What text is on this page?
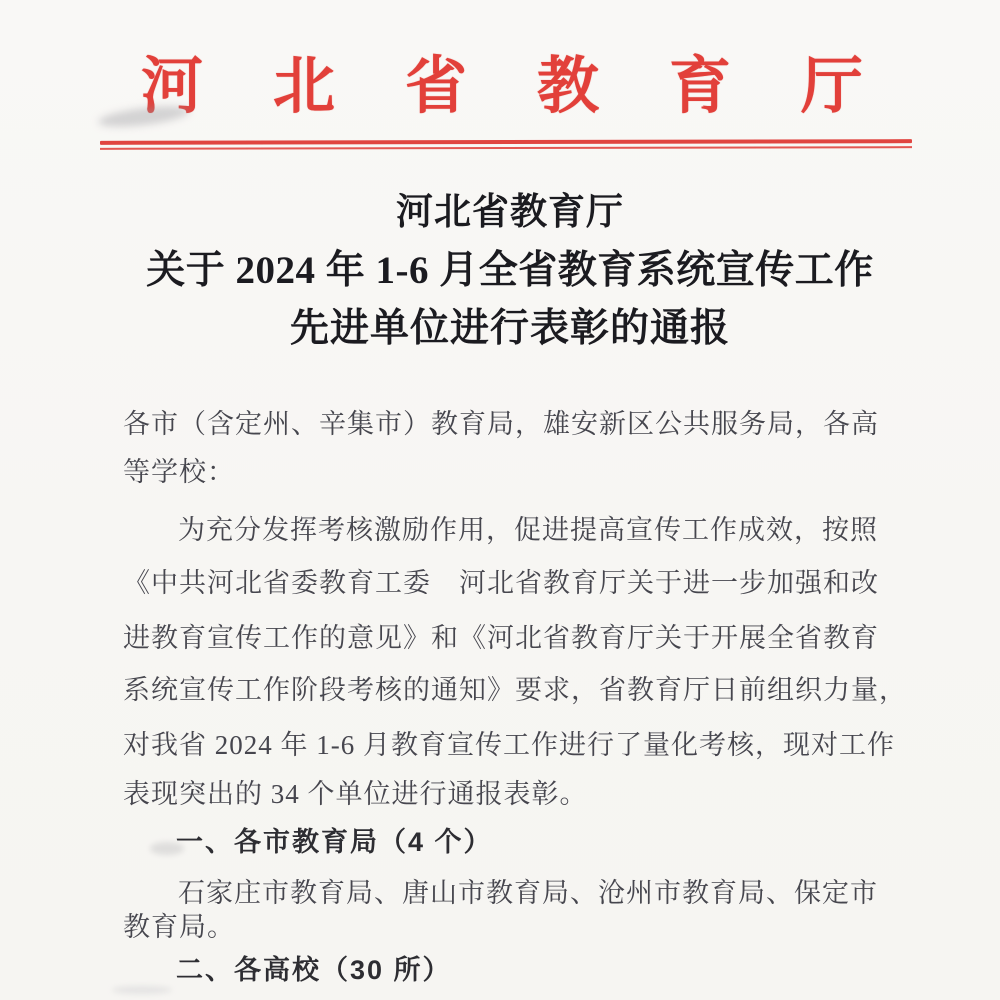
河 北 省 教 育 厅
河北省教育厅
关于 2024 年 1-6 月全省教育系统宣传工作
先进单位进行表彰的通报
各市（含定州、辛集市）教育局，雄安新区公共服务局，各高
等学校：
为充分发挥考核激励作用，促进提高宣传工作成效，按照
《中共河北省委教育工委　河北省教育厅关于进一步加强和改
进教育宣传工作的意见》和《河北省教育厅关于开展全省教育
系统宣传工作阶段考核的通知》要求，省教育厅日前组织力量，
对我省 2024 年 1-6 月教育宣传工作进行了量化考核，现对工作
表现突出的 34 个单位进行通报表彰。
一、各市教育局（4 个）
石家庄市教育局、唐山市教育局、沧州市教育局、保定市
教育局。
二、各高校（30 所）
